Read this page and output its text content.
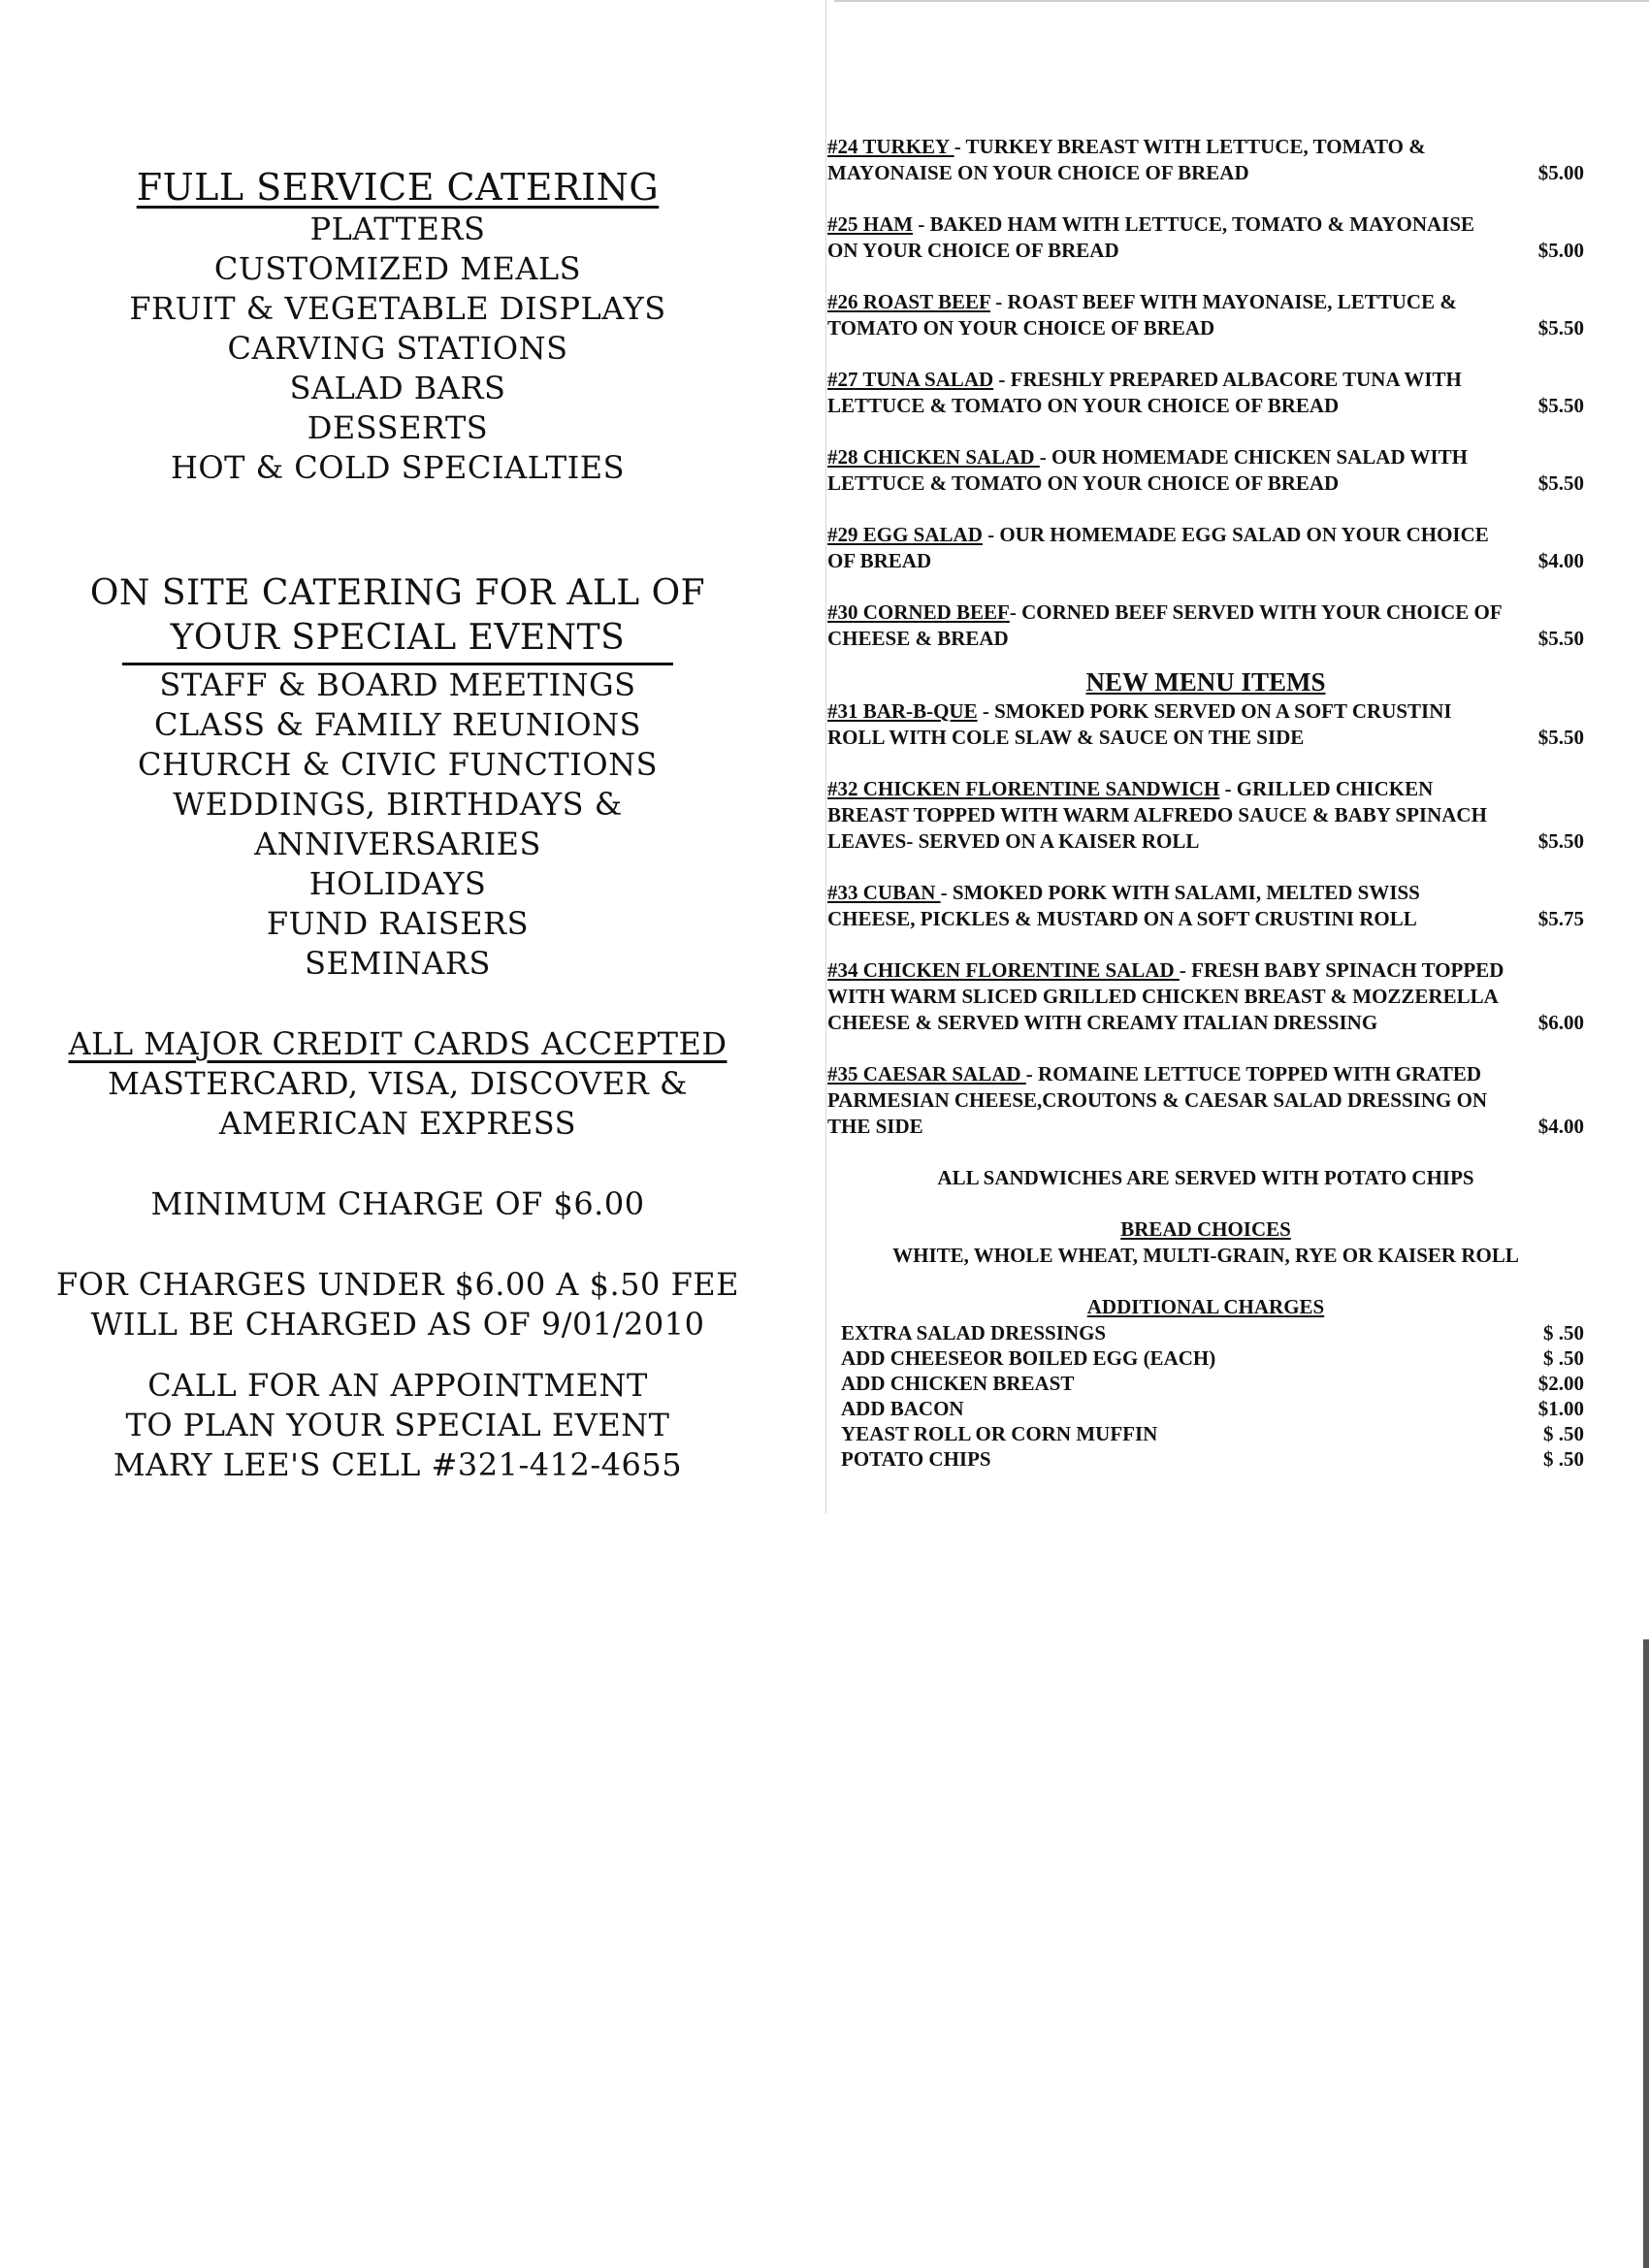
FULL SERVICE CATERING
PLATTERS
CUSTOMIZED MEALS
FRUIT & VEGETABLE DISPLAYS
CARVING STATIONS
SALAD BARS
DESSERTS
HOT & COLD SPECIALTIES
ON SITE CATERING FOR ALL OF
YOUR SPECIAL EVENTS
STAFF & BOARD MEETINGS
CLASS & FAMILY REUNIONS
CHURCH & CIVIC FUNCTIONS
WEDDINGS, BIRTHDAYS & ANNIVERSARIES
HOLIDAYS
FUND RAISERS
SEMINARS
ALL MAJOR CREDIT CARDS ACCEPTED
MASTERCARD, VISA, DISCOVER &
AMERICAN EXPRESS
MINIMUM CHARGE OF $6.00
FOR CHARGES UNDER $6.00 A $.50 FEE
WILL BE CHARGED AS OF 9/01/2010
CALL FOR AN APPOINTMENT
TO PLAN YOUR SPECIAL EVENT
MARY LEE'S CELL #321-412-4655
#24 TURKEY - TURKEY BREAST WITH LETTUCE, TOMATO & MAYONAISE ON YOUR CHOICE OF BREAD	$5.00
#25 HAM - BAKED HAM WITH LETTUCE, TOMATO & MAYONAISE ON YOUR CHOICE OF BREAD	$5.00
#26 ROAST BEEF - ROAST BEEF WITH MAYONAISE, LETTUCE & TOMATO ON YOUR CHOICE OF BREAD	$5.50
#27 TUNA SALAD - FRESHLY PREPARED ALBACORE TUNA WITH LETTUCE & TOMATO ON YOUR CHOICE OF BREAD	$5.50
#28 CHICKEN SALAD - OUR HOMEMADE CHICKEN SALAD WITH LETTUCE & TOMATO ON YOUR CHOICE OF BREAD	$5.50
#29 EGG SALAD - OUR HOMEMADE EGG SALAD ON YOUR CHOICE OF BREAD	$4.00
#30 CORNED BEEF- CORNED BEEF SERVED WITH YOUR CHOICE OF CHEESE & BREAD	$5.50
NEW MENU ITEMS
#31 BAR-B-QUE - SMOKED PORK SERVED ON A SOFT CRUSTINI ROLL WITH COLE SLAW & SAUCE ON THE SIDE	$5.50
#32 CHICKEN FLORENTINE SANDWICH - GRILLED CHICKEN BREAST TOPPED WITH WARM ALFREDO SAUCE & BABY SPINACH LEAVES- SERVED ON A KAISER ROLL	$5.50
#33 CUBAN - SMOKED PORK WITH SALAMI, MELTED SWISS CHEESE, PICKLES & MUSTARD ON A SOFT CRUSTINI ROLL	$5.75
#34 CHICKEN FLORENTINE SALAD - FRESH BABY SPINACH TOPPED WITH WARM SLICED GRILLED CHICKEN BREAST & MOZZERELLA CHEESE & SERVED WITH CREAMY ITALIAN DRESSING	$6.00
#35 CAESAR SALAD - ROMAINE LETTUCE TOPPED WITH GRATED PARMESIAN CHEESE,CROUTONS & CAESAR SALAD DRESSING ON THE SIDE	$4.00
ALL SANDWICHES ARE SERVED WITH POTATO CHIPS
BREAD CHOICES
WHITE, WHOLE WHEAT, MULTI-GRAIN, RYE OR KAISER ROLL
ADDITIONAL CHARGES
EXTRA SALAD DRESSINGS	$ .50
ADD CHEESEOR BOILED EGG (EACH)	$ .50
ADD CHICKEN BREAST	$2.00
ADD BACON	$1.00
YEAST ROLL OR CORN MUFFIN	$ .50
POTATO CHIPS	$ .50
